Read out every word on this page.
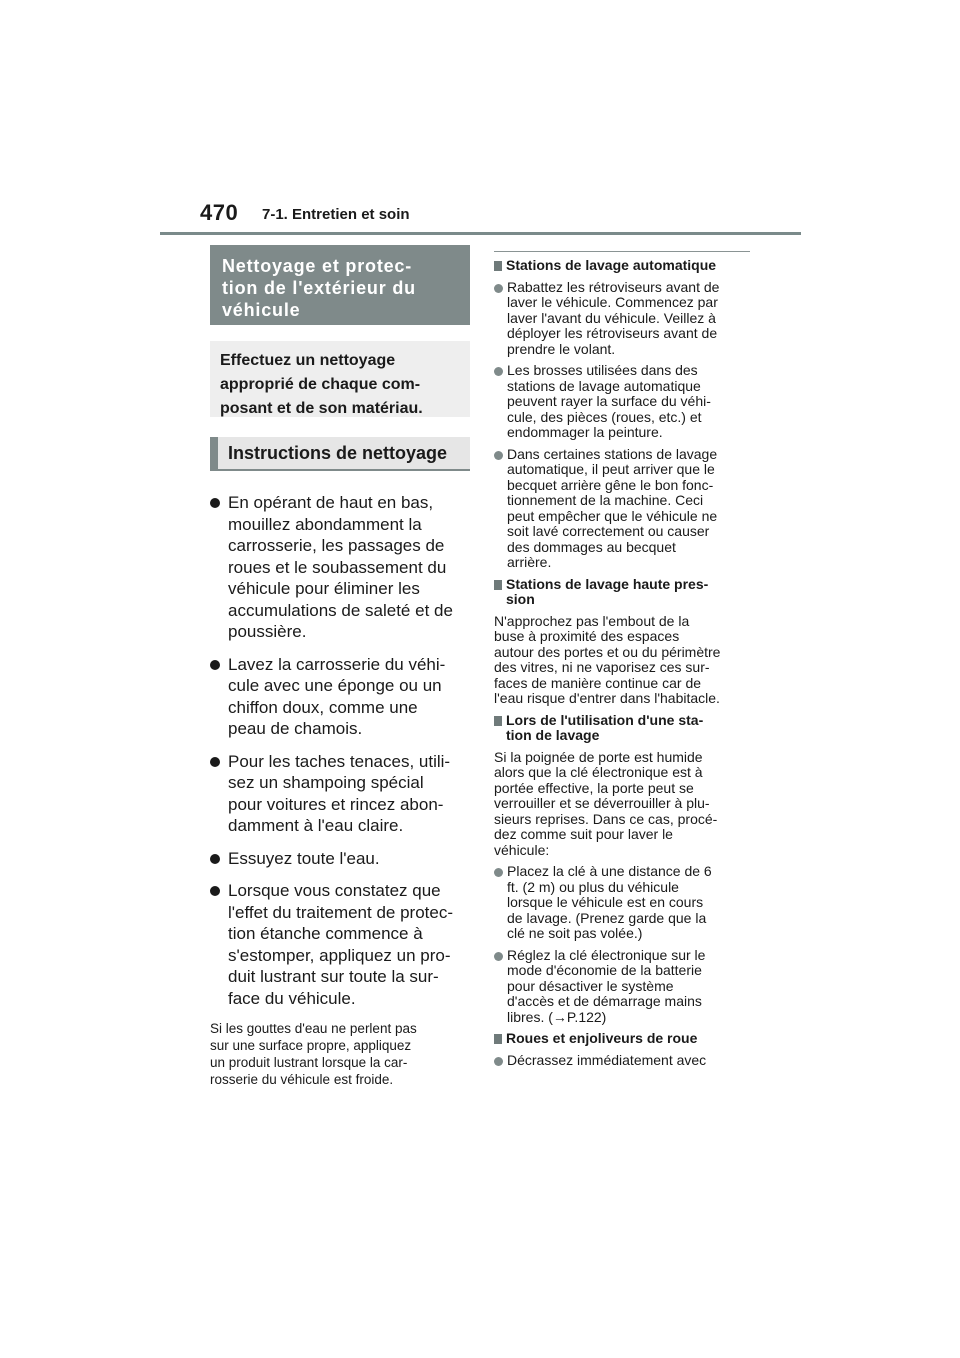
470 7-1. Entretien et soin
Nettoyage et protec-
tion de l'extérieur du
véhicule
Effectuez un nettoyage
approprié de chaque com-
posant et de son matériau.
Instructions de nettoyage
En opérant de haut en bas,
mouillez abondamment la
carrosserie, les passages de
roues et le soubassement du
véhicule pour éliminer les
accumulations de saleté et de
poussière.
Lavez la carrosserie du véhi-
cule avec une éponge ou un
chiffon doux, comme une
peau de chamois.
Pour les taches tenaces, utili-
sez un shampoing spécial
pour voitures et rincez abon-
damment à l'eau claire.
Essuyez toute l'eau.
Lorsque vous constatez que
l'effet du traitement de protec-
tion étanche commence à
s'estomper, appliquez un pro-
duit lustrant sur toute la sur-
face du véhicule.
Si les gouttes d'eau ne perlent pas
sur une surface propre, appliquez
un produit lustrant lorsque la car-
rosserie du véhicule est froide.
Stations de lavage automatique
Rabattez les rétroviseurs avant de
laver le véhicule. Commencez par
laver l'avant du véhicule. Veillez à
déployer les rétroviseurs avant de
prendre le volant.
Les brosses utilisées dans des
stations de lavage automatique
peuvent rayer la surface du véhi-
cule, des pièces (roues, etc.) et
endommager la peinture.
Dans certaines stations de lavage
automatique, il peut arriver que le
becquet arrière gêne le bon fonc-
tionnement de la machine. Ceci
peut empêcher que le véhicule ne
soit lavé correctement ou causer
des dommages au becquet
arrière.
Stations de lavage haute pres-
sion
N'approchez pas l'embout de la
buse à proximité des espaces
autour des portes et ou du périmètre
des vitres, ni ne vaporisez ces sur-
faces de manière continue car de
l'eau risque d'entrer dans l'habitacle.
Lors de l'utilisation d'une sta-
tion de lavage
Si la poignée de porte est humide
alors que la clé électronique est à
portée effective, la porte peut se
verrouiller et se déverrouiller à plu-
sieurs reprises. Dans ce cas, procé-
dez comme suit pour laver le
véhicule:
Placez la clé à une distance de 6
ft. (2 m) ou plus du véhicule
lorsque le véhicule est en cours
de lavage. (Prenez garde que la
clé ne soit pas volée.)
Réglez la clé électronique sur le
mode d'économie de la batterie
pour désactiver le système
d'accès et de démarrage mains
libres. (→P.122)
Roues et enjoliveurs de roue
Décrassez immédiatement avec
